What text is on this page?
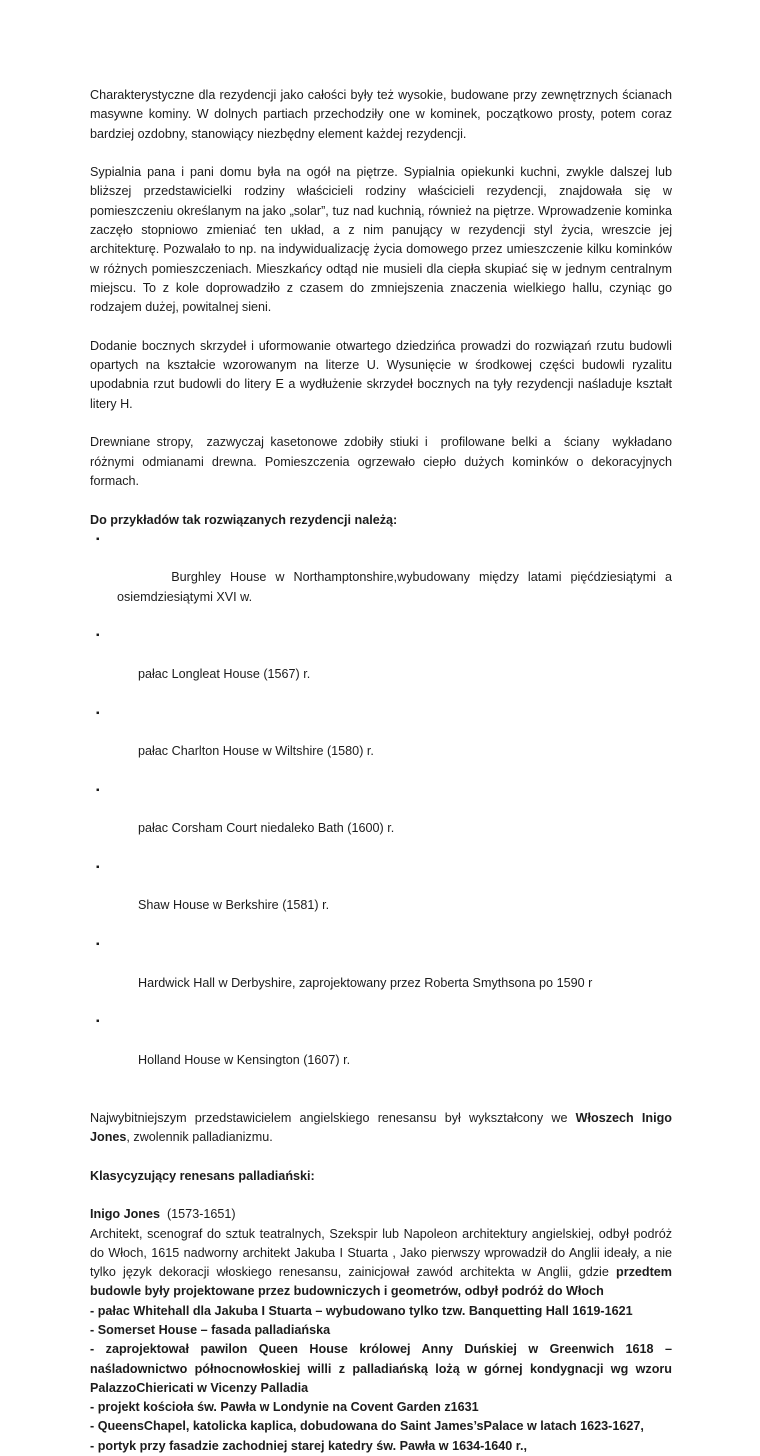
Charakterystyczne dla rezydencji jako całości były też wysokie, budowane przy zewnętrznych ścianach masywne kominy. W dolnych partiach przechodziły one w kominek, początkowo prosty, potem coraz bardziej ozdobny, stanowiący niezbędny element każdej rezydencji.

Sypialnia pana i pani domu była na ogół na piętrze. Sypialnia opiekunki kuchni, zwykle dalszej lub bliższej przedstawicielki rodziny właścicieli rodziny właścicieli rezydencji, znajdowała się w pomieszczeniu określanym na jako „solar”, tuz nad kuchnią, również na piętrze. Wprowadzenie kominka zaczęło stopniowo zmieniać ten układ, a z nim panujący w rezydencji styl życia, wreszcie jej architekturę. Pozwalało to np. na indywidualizację życia domowego przez umieszczenie kilku kominków w różnych pomieszczeniach. Mieszkańcy odtąd nie musieli dla ciepła skupiać się w jednym centralnym miejscu. To z kole doprowadziło z czasem do zmniejszenia znaczenia wielkiego hallu, czyniąc go rodzajem dużej, powitalnej sieni.

Dodanie bocznych skrzydeł i uformowanie otwartego dziedzińca prowadzi do rozwiązań rzutu budowli opartych na kształcie wzorowanym na literze U. Wysunięcie w środkowej części budowli ryzalitu upodabnia rzut budowli do litery E a wydłużenie skrzydeł bocznych na tyły rezydencji naśladuje kształt litery H.

Drewniane stropy,  zazwyczaj kasetonowe zdobiły stiuki i  profilowane belki a  ściany  wykładano różnymi odmianami drewna. Pomieszczenia ogrzewało ciepło dużych kominków o dekoracyjnych formach.

Do przykładów tak rozwiązanych rezydencji należą:

▪

Burghley House w Northamptonshire,wybudowany między latami pięćdziesiątymi a osiemdziesiątymi XVI w.

▪

pałac Longleat House (1567) r.

▪

pałac Charlton House w Wiltshire (1580) r.

▪

pałac Corsham Court niedaleko Bath (1600) r.

▪

Shaw House w Berkshire (1581) r.

▪

Hardwick Hall w Derbyshire, zaprojektowany przez Roberta Smythsona po 1590 r

▪

Holland House w Kensington (1607) r.

Najwybitniejszym przedstawicielem angielskiego renesansu był wykształcony we Włoszech Inigo Jones, zwolennik palladianizmu.

Klasycyzujący renesans palladiański:

Inigo Jones  (1573-1651)

Architekt, scenograf do sztuk teatralnych, Szekspir lub Napoleon architektury angielskiej, odbył podróż do Włoch, 1615 nadworny architekt Jakuba I Stuarta , Jako pierwszy wprowadził do Anglii ideały, a nie tylko język dekoracji włoskiego renesansu, zainicjował zawód architekta w Anglii, gdzie przedtem budowle były projektowane przez budowniczych i geometrów, odbył podróż do Włoch

- pałac Whitehall dla Jakuba I Stuarta – wybudowano tylko tzw. Banquetting Hall 1619-1621

- Somerset House – fasada palladiańska

- zaprojektował pawilon Queen House królowej Anny Duńskiej w Greenwich 1618 – naśladownictwo północnowłoskiej willi z palladiańską lożą w górnej kondygnacji wg wzoru PalazzoChiericati w Vicenzy Palladia

- projekt kościoła św. Pawła w Londynie na Covent Garden z1631

- QueensChapel, katolicka kaplica, dobudowana do Saint James’sPalace w latach 1623-1627,

- portyk przy fasadzie zachodniej starej katedry św. Pawła w 1634-1640 r.,
